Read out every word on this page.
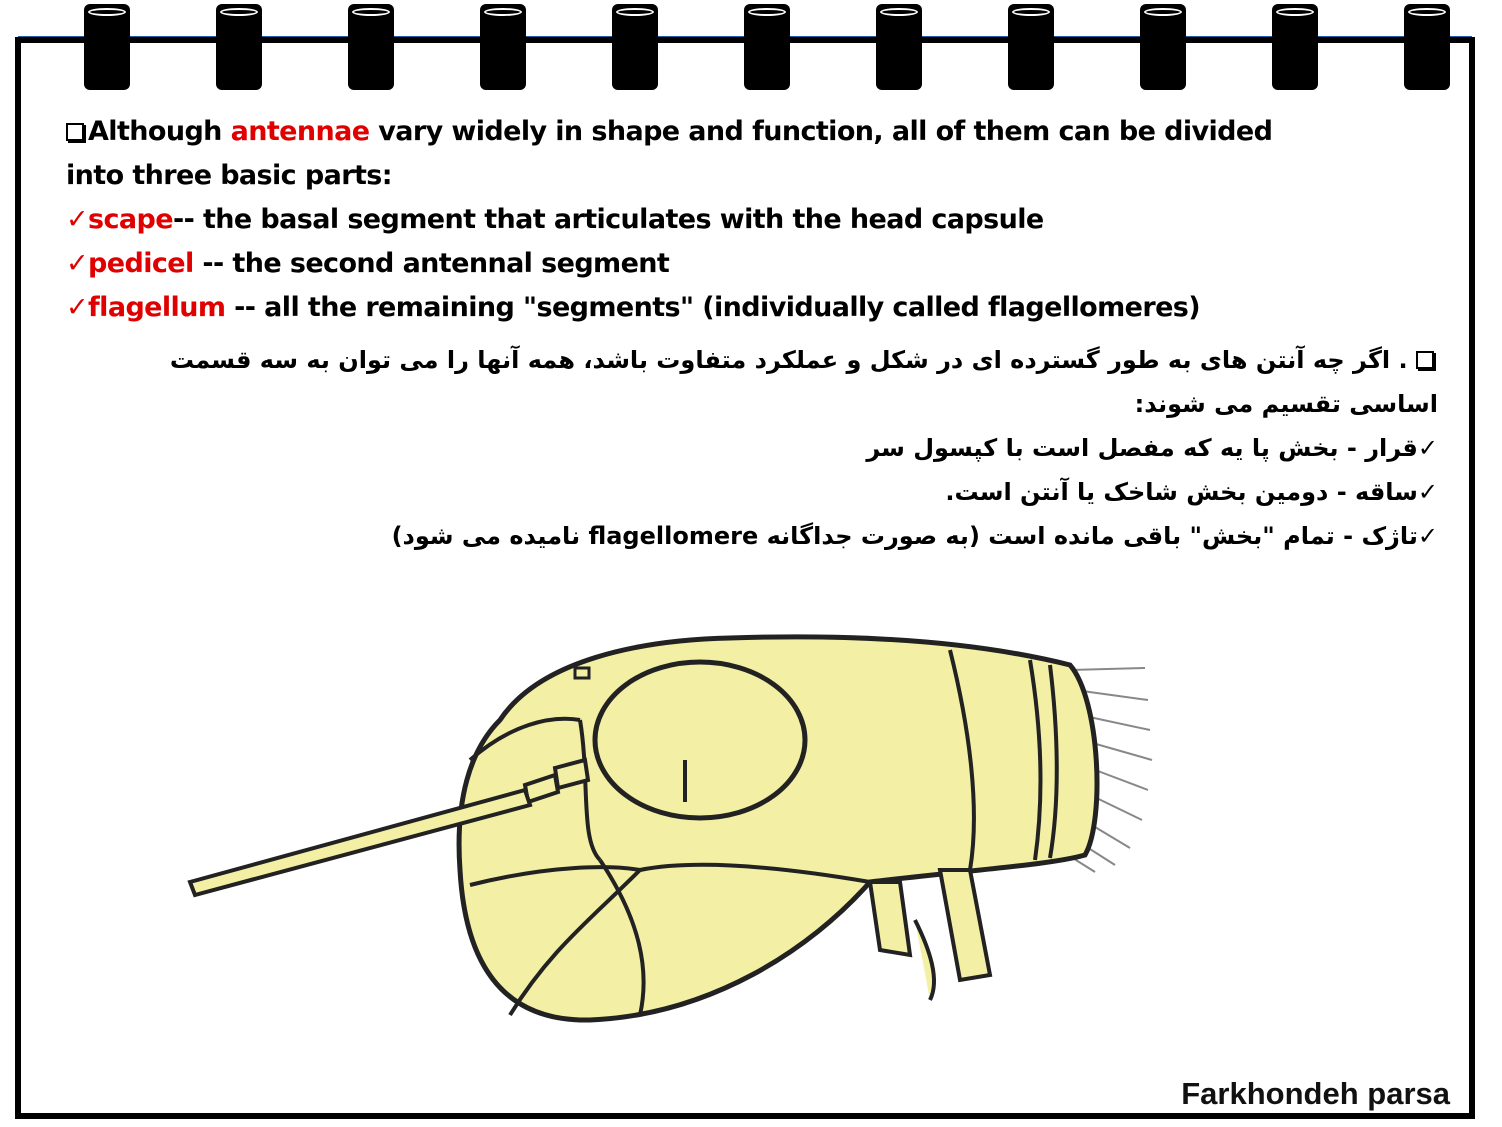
Although antennae vary widely in shape and function, all of them can be divided
into three basic parts:
✓scape-- the basal segment that articulates with the head capsule
✓pedicel -- the second antennal segment
✓flagellum -- all the remaining "segments" (individually called flagellomeres)
. اگر چه آنتن های به طور گسترده ای در شکل و عملکرد متفاوت باشد، همه آنها را می توان به سه قسمت
اساسی تقسیم می شوند:
✓قرار - بخش پا یه که مفصل است با کپسول سر
✓ساقه - دومین بخش شاخک یا آنتن است.
✓تاژک - تمام "بخش" باقی مانده است (به صورت جداگانه flagellomere نامیده می شود)
Farkhondeh parsa
